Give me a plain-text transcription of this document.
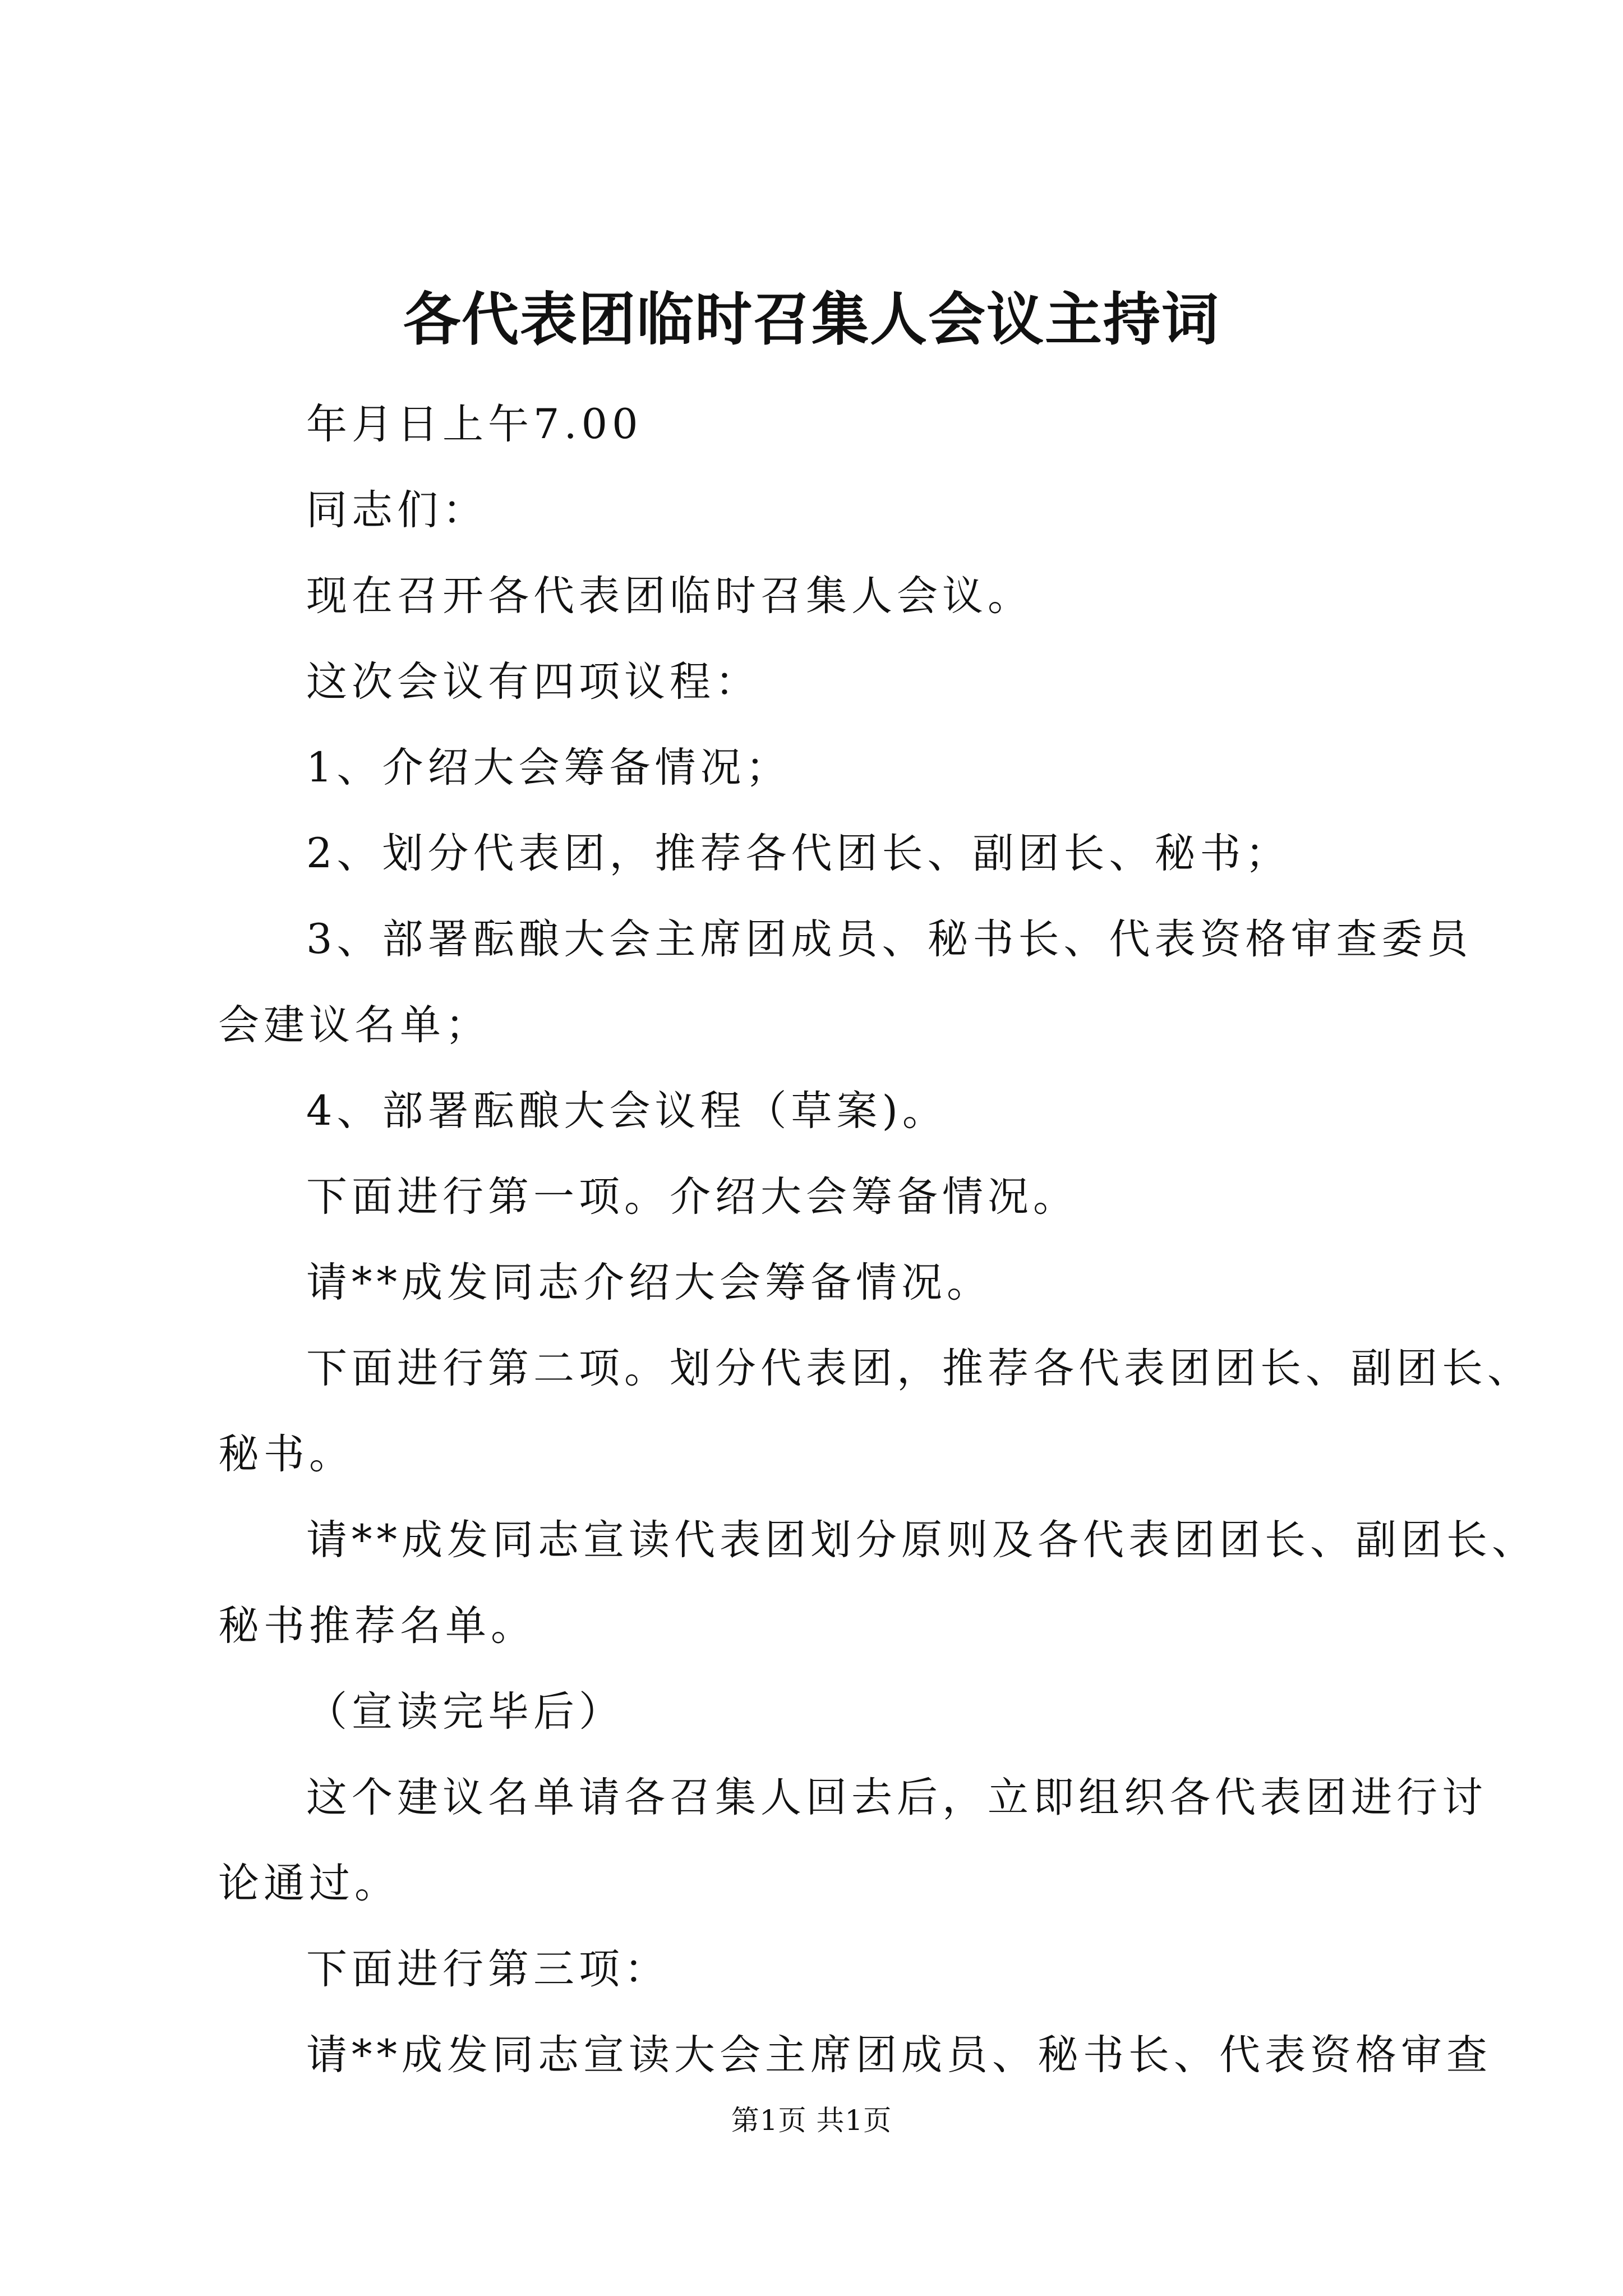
各代表团临时召集人会议主持词
年月日上午7.00
同志们：
现在召开各代表团临时召集人会议。
这次会议有四项议程：
1、介绍大会筹备情况；
2、划分代表团，推荐各代团长、副团长、秘书；
3、部署酝酿大会主席团成员、秘书长、代表资格审查委员
会建议名单；
4、部署酝酿大会议程（草案)。
下面进行第一项。介绍大会筹备情况。
请**成发同志介绍大会筹备情况。
下面进行第二项。划分代表团，推荐各代表团团长、副团长、
秘书。
请**成发同志宣读代表团划分原则及各代表团团长、副团长、
秘书推荐名单。
（宣读完毕后）
这个建议名单请各召集人回去后，立即组织各代表团进行讨
论通过。
下面进行第三项：
请**成发同志宣读大会主席团成员、秘书长、代表资格审查
第1页 共1页
